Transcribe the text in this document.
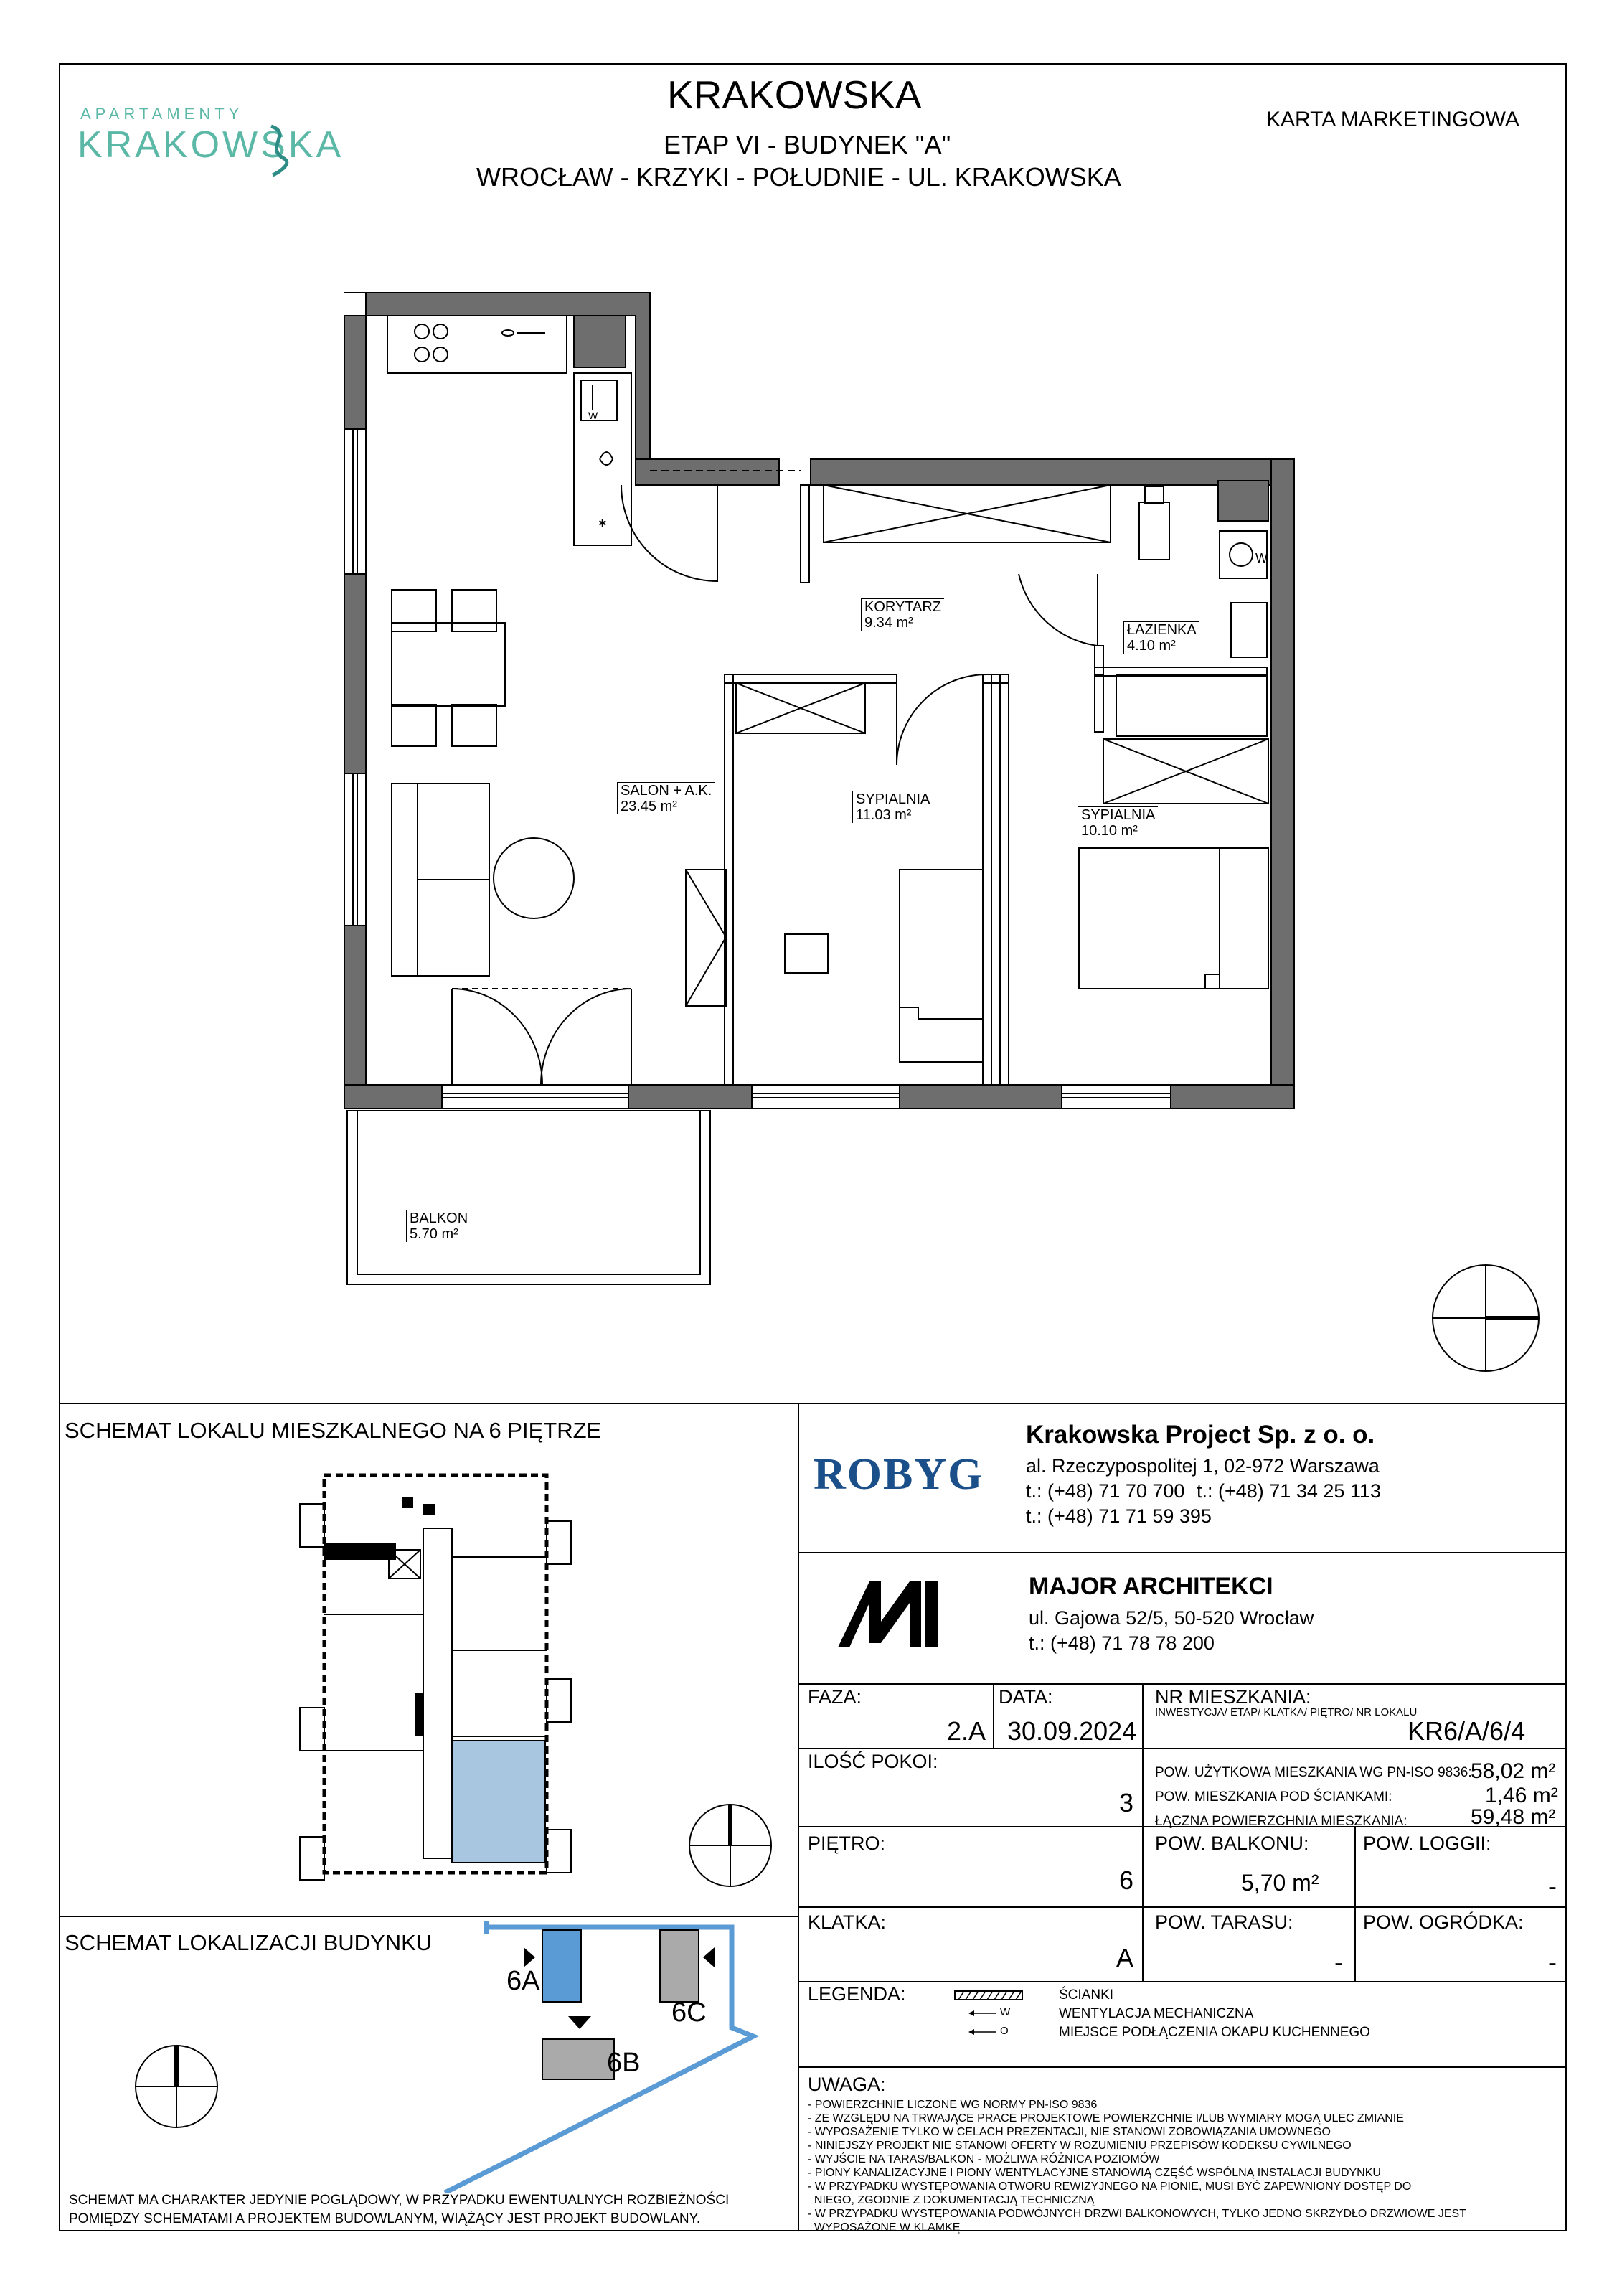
APARTAMENTY
KRAKOWSKA
KRAKOWSKA
ETAP VI - BUDYNEK "A"
WROCŁAW - KRZYKI - POŁUDNIE - UL. KRAKOWSKA
KARTA MARKETINGOWA
W
✱
W
KORYTARZ
9.34 m²	ŁAZIENKA
4.10 m²
SALON + A.K.
23.45 m²	SYPIALNIA
11.03 m²	SYPIALNIA
10.10 m²
BALKON
5.70 m²
SCHEMAT LOKALU MIESZKALNEGO NA 6 PIĘTRZE
SCHEMAT LOKALIZACJI BUDYNKU
6A
6B
6C
SCHEMAT MA CHARAKTER JEDYNIE POGLĄDOWY, W PRZYPADKU EWENTUALNYCH ROZBIEŻNOŚCI
POMIĘDZY SCHEMATAMI A PROJEKTEM BUDOWLANYM, WIĄŻĄCY JEST PROJEKT BUDOWLANY.
ROBYG
Krakowska Project Sp. z o. o.
al. Rzeczypospolitej 1, 02-972 Warszawa
t.: (+48) 71 70 700 t.: (+48) 71 34 25 113
t.: (+48) 71 71 59 395
MAJOR ARCHITEKCI
ul. Gajowa 52/5, 50-520 Wrocław
t.: (+48) 71 78 78 200
FAZA:
2.A
DATA:
30.09.2024
NR MIESZKANIA:
INWESTYCJA/ ETAP/ KLATKA/ PIĘTRO/ NR LOKALU
KR6/A/6/4
ILOŚĆ POKOI:
3
POW. UŻYTKOWA MIESZKANIA WG PN-ISO 9836:
58,02 m²
POW. MIESZKANIA POD ŚCIANKAMI:	1,46 m²
ŁĄCZNA POWIERZCHNIA MIESZKANIA:	59,48 m²
PIĘTRO:
6
POW. BALKONU:
5,70 m²
POW. LOGGII:
-
KLATKA:
A
POW. TARASU:
-
POW. OGRÓDKA:
-
LEGENDA:	ŚCIANKI
W	WENTYLACJA MECHANICZNA
O	MIEJSCE PODŁĄCZENIA OKAPU KUCHENNEGO
UWAGA:
- POWIERZCHNIE LICZONE WG NORMY PN-ISO 9836
- ZE WZGLĘDU NA TRWAJĄCE PRACE PROJEKTOWE POWIERZCHNIE I/LUB WYMIARY MOGĄ ULEC ZMIANIE
- WYPOSAŻENIE TYLKO W CELACH PREZENTACJI, NIE STANOWI ZOBOWIĄZANIA UMOWNEGO
- NINIEJSZY PROJEKT NIE STANOWI OFERTY W ROZUMIENIU PRZEPISÓW KODEKSU CYWILNEGO
- WYJŚCIE NA TARAS/BALKON - MOŻLIWA RÓŻNICA POZIOMÓW
- PIONY KANALIZACYJNE I PIONY WENTYLACYJNE STANOWIĄ CZĘŚĆ WSPÓLNĄ INSTALACJI BUDYNKU
- W PRZYPADKU WYSTĘPOWANIA OTWORU REWIZYJNEGO NA PIONIE, MUSI BYĆ ZAPEWNIONY DOSTĘP DO
NIEGO, ZGODNIE Z DOKUMENTACJĄ TECHNICZNĄ
- W PRZYPADKU WYSTĘPOWANIA PODWÓJNYCH DRZWI BALKONOWYCH, TYLKO JEDNO SKRZYDŁO DRZWIOWE JEST
WYPOSAŻONE W KLAMKĘ
